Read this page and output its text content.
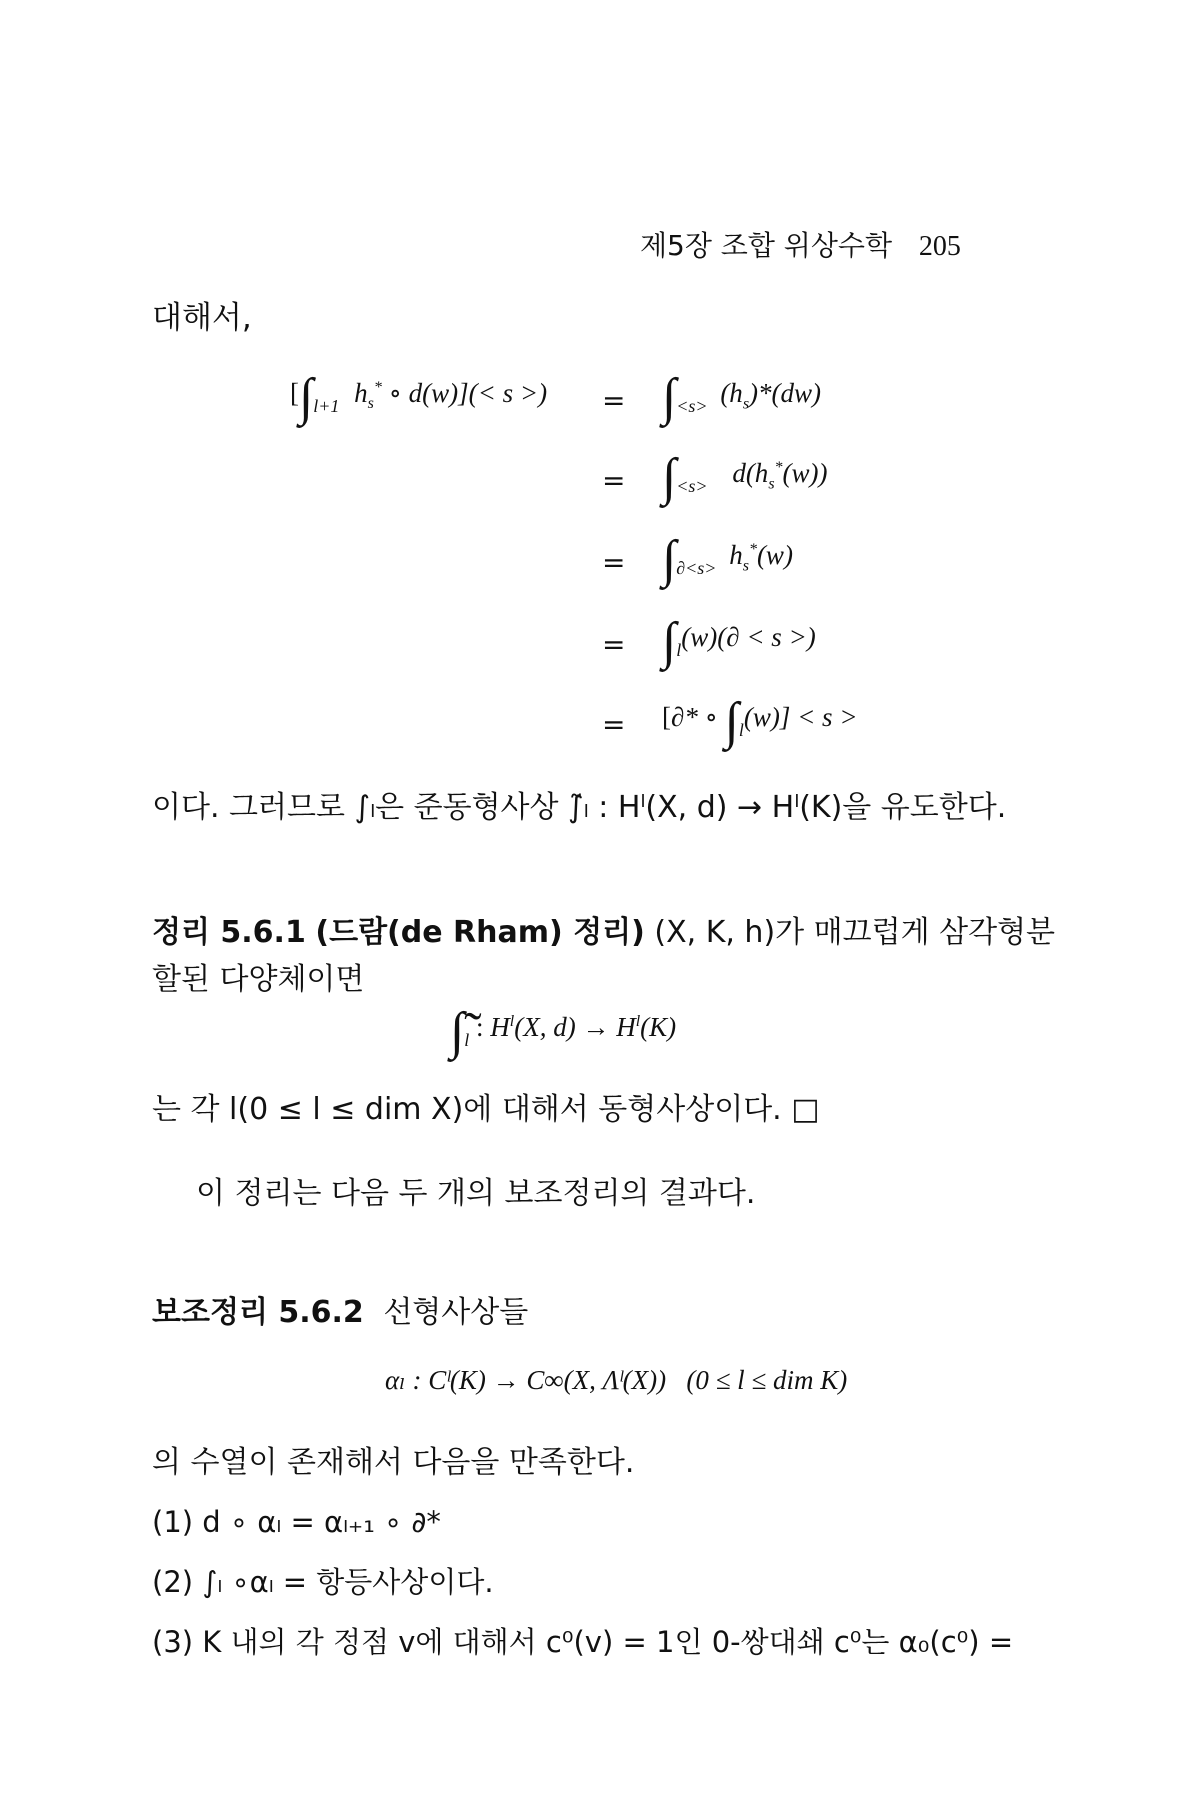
제5장 조합 위상수학 205
대해서,
[$\int_{l+1}$ $h_s^*$ ∘ d(w)](< s >) = $\int_{<s>}$ $(h_s)*(dw)$
= $\int_{<s>}$ $d(h_s^*(w))$
= $\int_{\partial<s>}$ $h_s^*(w)$
= $\int_l(w)(\partial < s$ >)
= [∂* ∘ $\int_l(w)] < s$ >
이다. 그러므로 ∫ₗ은 준동형사상 ∫̃ₗ : Hˡ(X, d) → Hˡ(K)을 유도한다.
정리 5.6.1 (드람(de Rham) 정리) (X, K, h)가 매끄럽게 삼각형분
할된 다양체이면
$\int̃_l$ : $H^l(X$, $d) \to H^l(K)$
는 각 l(0 ≤ l ≤ dim X)에 대해서 동형사상이다. □
이 정리는 다음 두 개의 보조정리의 결과다.
보조정리 5.6.2 선형사상들
αₗ : Cˡ(K) → C∞(X, Λˡ(X))   (0 ≤ l ≤ dim K)
의 수열이 존재해서 다음을 만족한다.
(1) d ∘ αₗ = αₗ₊₁ ∘ ∂*
(2) ∫ₗ ∘αₗ = 항등사상이다.
(3) K 내의 각 정점 v에 대해서 c⁰(v) = 1인 0-쌍대쇄 c⁰는 α₀(c⁰) =
